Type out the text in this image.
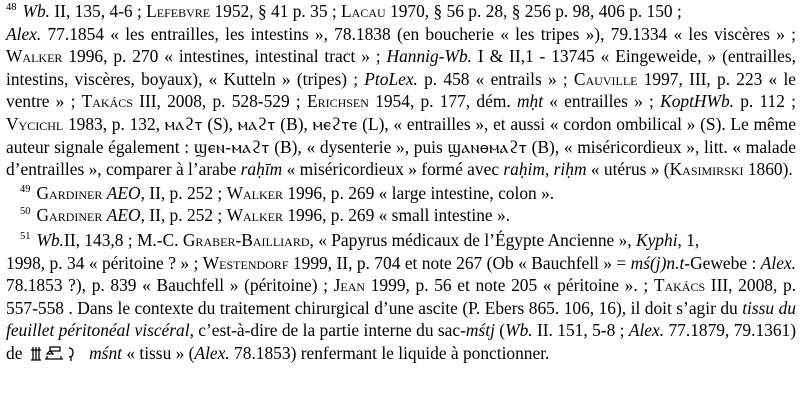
$^{48}$ Wb. II, 135, 4-6 ; Lefebvre 1952, § 41 p. 35 ; Lacau 1970, § 56 p. 28, § 256 p. 98, 406 p. 150 ;
Alex. 77.1854 « les entrailles, les intestins », 78.1838 (en boucherie « les tripes »), 79.1334 « les viscères » ; Walker 1996, p. 270 « intestines, intestinal tract » ; Hannig-Wb. I & II,1 - 13745 « Eingeweide, » (entrailles, intestins, viscères, boyaux), « Kutteln » (tripes) ; PtoLex. p. 458 « entrails » ; Cauville 1997, III, p. 223 « le ventre » ; Takács III, 2008, p. 528-529 ; Erichsen 1954, p. 177, dém. mḥt « entrailles » ; KoptHWb. p. 112 ; Vycichl 1983, p. 132, ⲙⲁϩⲧ (S), ⲙⲁϩⲧ (B), ⲙⲉϩⲧⲉ (L), « entrailles », et aussi « cordon ombilical » (S). Le même auteur signale également : ϣⲉⲛ-ⲙⲁϩⲧ (B), « dysenterie », puis ϣⲁⲛⲑⲙⲁϩⲧ (B), « miséricordieux », litt. « malade d’entrailles », comparer à l’arabe raḥīm « miséricordieux » formé avec raḥim, riḥm « utérus » (Kasimirski 1860).

$^{49}$ Gardiner AEO, II, p. 252 ; Walker 1996, p. 269 « large intestine, colon ».

$^{50}$ Gardiner AEO, II, p. 252 ; Walker 1996, p. 269 « small intestine ».

$^{51}$ Wb.II, 143,8 ; M.-C. Graber-Bailliard, « Papyrus médicaux de l’Égypte Ancienne », Kyphi, 1,
1998, p. 34 « péritoine ? » ; Westendorf 1999, II, p. 704 et note 267 (Ob « Bauchfell » = mś(j)n.t-Gewebe : Alex. 78.1853 ?), p. 839 « Bauchfell » (péritoine) ; Jean 1999, p. 56 et note 205 « péritoine ». ; Takács III, 2008, p. 557-558 . Dans le contexte du traitement chirurgical d’une ascite (P. Ebers 865. 106, 16), il doit s’agir du tissu du feuillet péritonéal viscéral, c’est-à-dire de la partie interne du sac-mśtj (Wb. II. 151, 5-8 ; Alex. 77.1879, 79.1361) de	mśnt « tissu » (Alex. 78.1853) renfermant le liquide à ponctionner.
